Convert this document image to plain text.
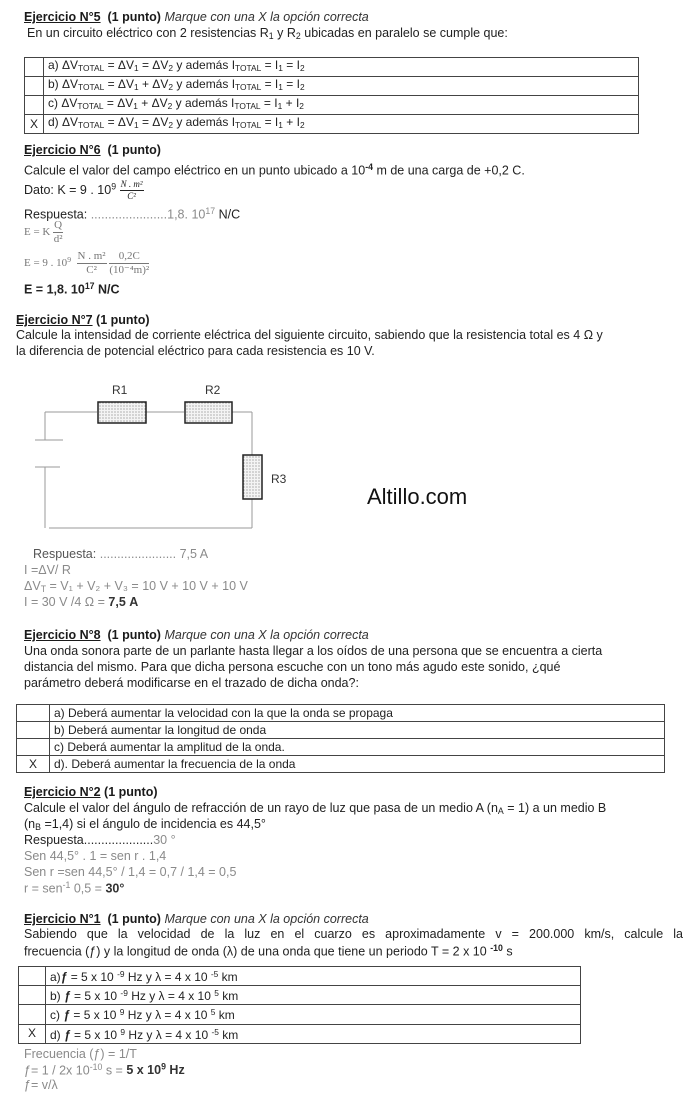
Ejercicio N°5 (1 punto) Marque con una X la opción correcta
En un circuito eléctrico con 2 resistencias $R_1$ y $R_2$ ubicadas en paralelo se cumple que:
	a) $\Delta V_{TOTAL} = \Delta V_1 = \Delta V_2$ y además $I_{TOTAL} = I_1 = I_2$
	b) $\Delta V_{TOTAL} = \Delta V_1 + \Delta V_2$ y además $I_{TOTAL} = I_1 = I_2$
	c) $\Delta V_{TOTAL} = \Delta V_1 + \Delta V_2$ y además $I_{TOTAL} = I_1 + I_2$
X	d) $\Delta V_{TOTAL} = \Delta V_1 = \Delta V_2$ y además $I_{TOTAL} = I_1 + I_2$
Ejercicio N°6 (1 punto)
Calcule el valor del campo eléctrico en un punto ubicado a $10^{-4}$ m de una carga de +0,2 C.
Dato: K = 9 . $10^9 \frac{\text{N . m²}}{\text{C²}}$
Respuesta: ......................1,8. $10^{17}$ N/C
E = K $\frac{Q}{\text{d²}}$
E = 9 . $10^9 \frac{\text{N . m²}}{\text{C²}}$
$\frac{0,2C}{\text{(10⁻⁴m)²}}$
E = 1,8. $10^{17}$ N/C
Ejercicio N°7 (1 punto)
Calcule la intensidad de corriente eléctrica del siguiente circuito, sabiendo que la resistencia total es 4 Ω y
la diferencia de potencial eléctrico para cada resistencia es 10 V.
R1	R2
R3
Altillo.com
Respuesta: ...................... 7,5 A
I =ΔV/ R
$\Delta V_T = V_1 + V_2 + V_3 = 10$ V + 10 V + 10 V
I = 30 V /4 Ω = 7,5 A
Ejercicio N°8 (1 punto) Marque con una X la opción correcta
Una onda sonora parte de un parlante hasta llegar a los oídos de una persona que se encuentra a cierta
distancia del mismo. Para que dicha persona escuche con un tono más agudo este sonido, ¿qué
parámetro deberá modificarse en el trazado de dicha onda?:
	a) Deberá aumentar la velocidad con la que la onda se propaga
	b) Deberá aumentar la longitud de onda
	c) Deberá aumentar la amplitud de la onda.
X	d). Deberá aumentar la frecuencia de la onda
Ejercicio N°2 (1 punto)
Calcule el valor del ángulo de refracción de un rayo de luz que pasa de un medio A $(n_A = 1)$ a un medio B
$(n_B =1,4)$ si el ángulo de incidencia es 44,5°
Respuesta....................30 °
Sen 44,5° . 1 = sen r . 1,4
Sen r =sen 44,5° / 1,4 = 0,7 / 1,4 = 0,5
r = sen$^{-1}$ 0,5 = 30°
Ejercicio N°1 (1 punto) Marque con una X la opción correcta
Sabiendo que la velocidad de la luz en el cuarzo es aproximadamente v = 200.000 km/s, calcule la
frecuencia (ƒ) y la longitud de onda (λ) de una onda que tiene un periodo T = 2 x 10 $^{-10}$ s
	a)ƒ = 5 x 10 $^{-9}$ Hz y λ = 4 x 10 $^{-5}$ km
	b) ƒ = 5 x 10 $^{-9}$ Hz y λ = 4 x 10 $^5$ km
	c) ƒ = 5 x 10 $^9$ Hz y λ = 4 x 10 $^5$ km
X	d) ƒ = 5 x 10 $^9$ Hz y λ = 4 x 10 $^{-5}$ km
Frecuencia (ƒ) = 1/T
ƒ= 1 / 2x $10^{-10}$ s = 5 x $10^9$ Hz
ƒ= v/λ
